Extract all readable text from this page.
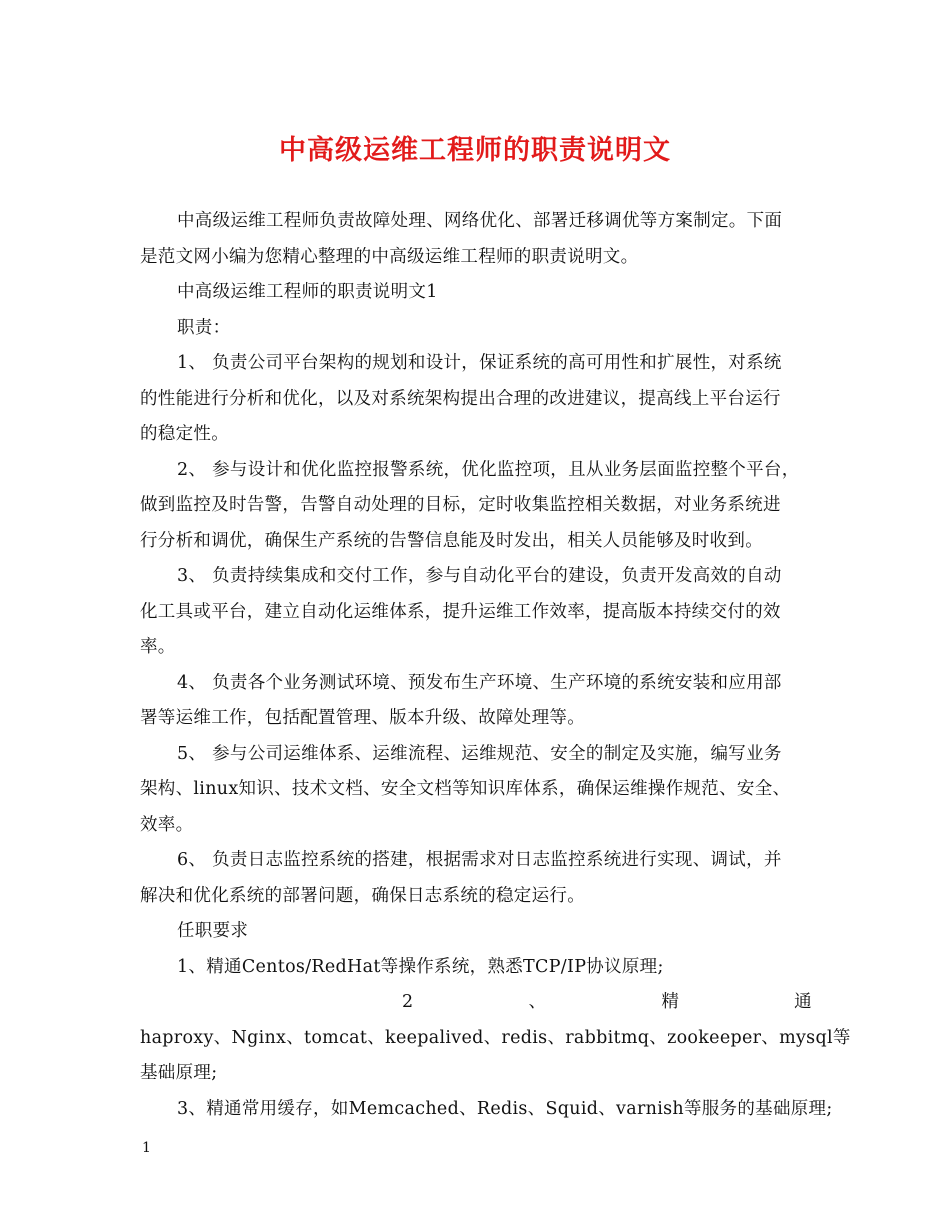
中高级运维工程师的职责说明文
中高级运维工程师负责故障处理、网络优化、部署迁移调优等方案制定。下面
是范文网小编为您精心整理的中高级运维工程师的职责说明文。
中高级运维工程师的职责说明文1
职责：
1、 负责公司平台架构的规划和设计，保证系统的高可用性和扩展性，对系统
的性能进行分析和优化，以及对系统架构提出合理的改进建议，提高线上平台运行
的稳定性。
2、 参与设计和优化监控报警系统，优化监控项，且从业务层面监控整个平台，
做到监控及时告警，告警自动处理的目标，定时收集监控相关数据，对业务系统进
行分析和调优，确保生产系统的告警信息能及时发出，相关人员能够及时收到。
3、 负责持续集成和交付工作，参与自动化平台的建设，负责开发高效的自动
化工具或平台，建立自动化运维体系，提升运维工作效率，提高版本持续交付的效
率。
4、 负责各个业务测试环境、预发布生产环境、生产环境的系统安装和应用部
署等运维工作，包括配置管理、版本升级、故障处理等。
5、 参与公司运维体系、运维流程、运维规范、安全的制定及实施，编写业务
架构、linux知识、技术文档、安全文档等知识库体系，确保运维操作规范、安全、
效率。
6、 负责日志监控系统的搭建，根据需求对日志监控系统进行实现、调试，并
解决和优化系统的部署问题，确保日志系统的稳定运行。
任职要求
1、精通Centos/RedHat等操作系统，熟悉TCP/IP协议原理;
2	、	精	通
haproxy、Nginx、tomcat、keepalived、redis、rabbitmq、zookeeper、mysql等
基础原理;
3、精通常用缓存，如Memcached、Redis、Squid、varnish等服务的基础原理;
1
